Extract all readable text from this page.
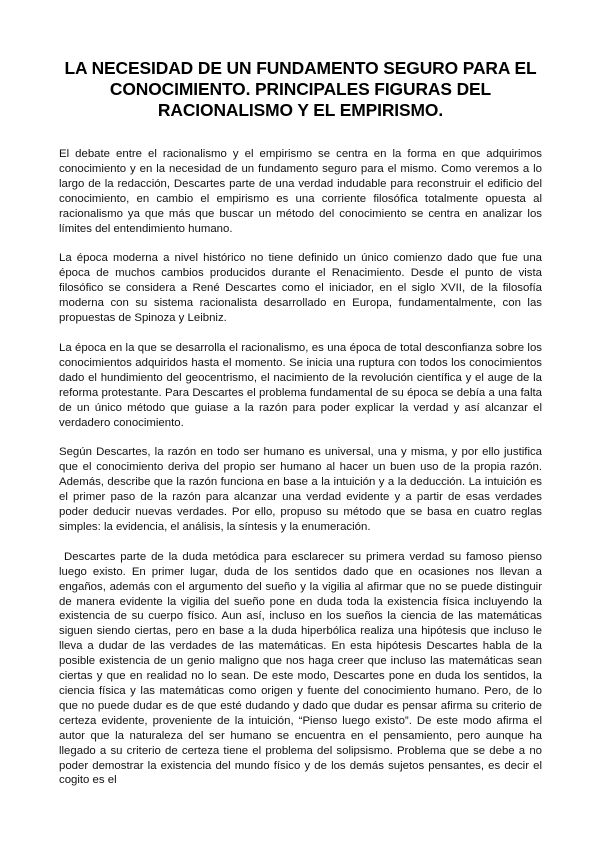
LA NECESIDAD DE UN FUNDAMENTO SEGURO PARA EL CONOCIMIENTO. PRINCIPALES FIGURAS DEL RACIONALISMO Y EL EMPIRISMO.

El debate entre el racionalismo y el empirismo se centra en la forma en que adquirimos conocimiento y en la necesidad de un fundamento seguro para el mismo. Como veremos a lo largo de la redacción, Descartes parte de una verdad indudable para reconstruir el edificio del conocimiento, en cambio el empirismo es una corriente filosófica totalmente opuesta al racionalismo ya que más que buscar un método del conocimiento se centra en analizar los límites del entendimiento humano.

La época moderna a nivel histórico no tiene definido un único comienzo dado que fue una época de muchos cambios producidos durante el Renacimiento. Desde el punto de vista filosófico se considera a René Descartes como el iniciador, en el siglo XVII, de la filosofía moderna con su sistema racionalista desarrollado en Europa, fundamentalmente, con las propuestas de Spinoza y Leibniz.

La época en la que se desarrolla el racionalismo, es una época de total desconfianza sobre los conocimientos adquiridos hasta el momento. Se inicia una ruptura con todos los conocimientos dado el hundimiento del geocentrismo, el nacimiento de la revolución científica y el auge de la reforma protestante. Para Descartes el problema fundamental de su época se debía a una falta de un único método que guiase a la razón para poder explicar la verdad y así alcanzar el verdadero conocimiento.

Según Descartes, la razón en todo ser humano es universal, una y misma, y por ello justifica que el conocimiento deriva del propio ser humano al hacer un buen uso de la propia razón. Además, describe que la razón funciona en base a la intuición y a la deducción. La intuición es el primer paso de la razón para alcanzar una verdad evidente y a partir de esas verdades poder deducir nuevas verdades. Por ello, propuso su método que se basa en cuatro reglas simples: la evidencia, el análisis, la síntesis y la enumeración.

Descartes parte de la duda metódica para esclarecer su primera verdad su famoso pienso luego existo. En primer lugar, duda de los sentidos dado que en ocasiones nos llevan a engaños, además con el argumento del sueño y la vigilia al afirmar que no se puede distinguir de manera evidente la vigilia del sueño pone en duda toda la existencia física incluyendo la existencia de su cuerpo físico. Aun así, incluso en los sueños la ciencia de las matemáticas siguen siendo ciertas, pero en base a la duda hiperbólica realiza una hipótesis que incluso le lleva a dudar de las verdades de las matemáticas. En esta hipótesis Descartes habla de la posible existencia de un genio maligno que nos haga creer que incluso las matemáticas sean ciertas y que en realidad no lo sean. De este modo, Descartes pone en duda los sentidos, la ciencia física y las matemáticas como origen y fuente del conocimiento humano. Pero, de lo que no puede dudar es de que esté dudando y dado que dudar es pensar afirma su criterio de certeza evidente, proveniente de la intuición, “Pienso luego existo”. De este modo afirma el autor que la naturaleza del ser humano se encuentra en el pensamiento, pero aunque ha llegado a su criterio de certeza tiene el problema del solipsismo. Problema que se debe a no poder demostrar la existencia del mundo físico y de los demás sujetos pensantes, es decir el cogito es el
